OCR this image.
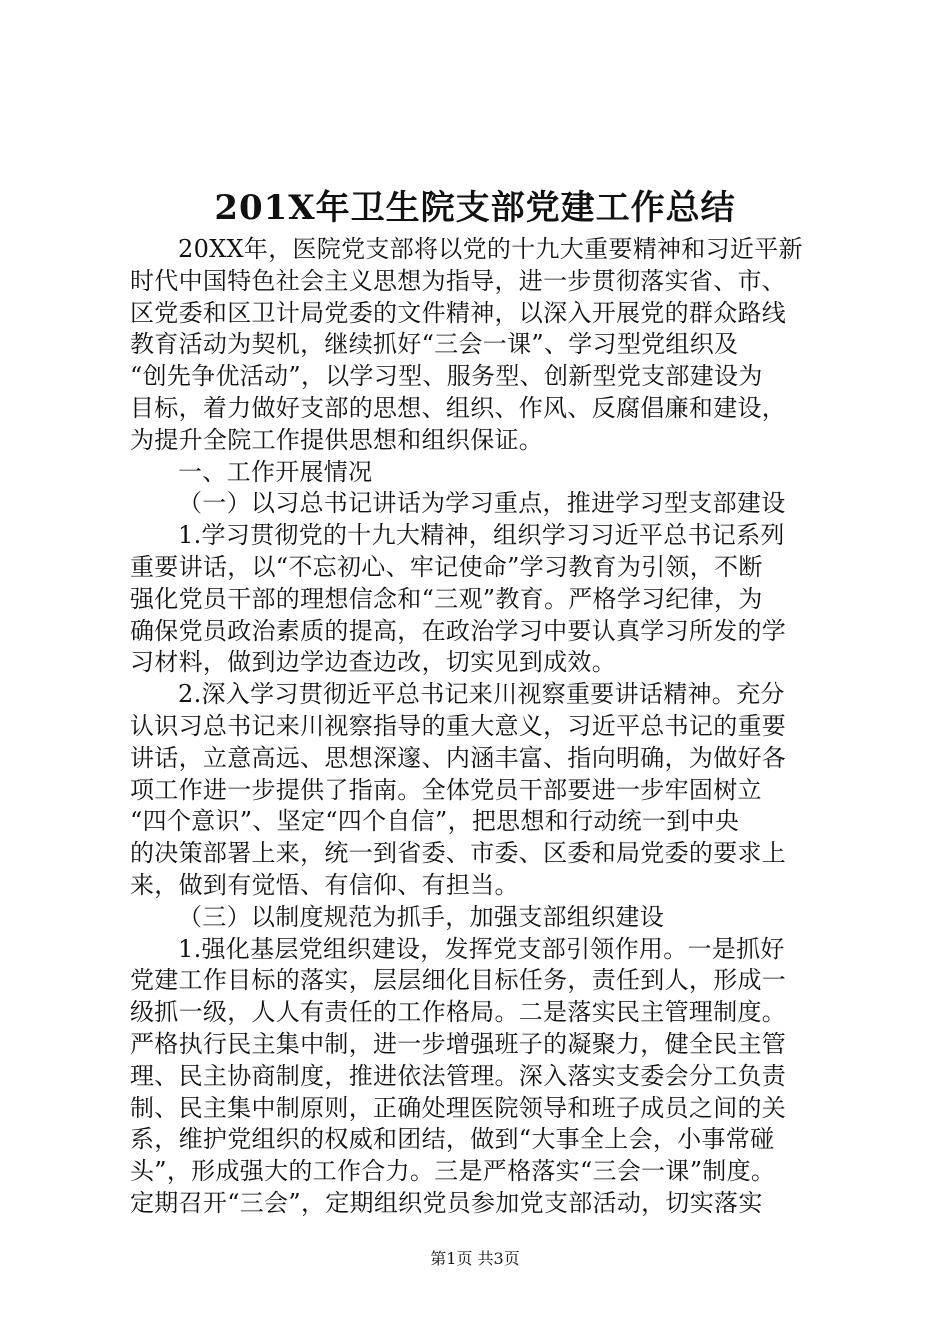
201X年卫生院支部党建工作总结
20XX年，医院党支部将以党的十九大重要精神和习近平新
时代中国特色社会主义思想为指导，进一步贯彻落实省、市、
区党委和区卫计局党委的文件精神，以深入开展党的群众路线
教育活动为契机，继续抓好“三会一课”、学习型党组织及
“创先争优活动”，以学习型、服务型、创新型党支部建设为
目标，着力做好支部的思想、组织、作风、反腐倡廉和建设，
为提升全院工作提供思想和组织保证。
一、工作开展情况
（一）以习总书记讲话为学习重点，推进学习型支部建设
1.学习贯彻党的十九大精神，组织学习习近平总书记系列
重要讲话，以“不忘初心、牢记使命”学习教育为引领，不断
强化党员干部的理想信念和“三观”教育。严格学习纪律，为
确保党员政治素质的提高，在政治学习中要认真学习所发的学
习材料，做到边学边查边改，切实见到成效。
2.深入学习贯彻近平总书记来川视察重要讲话精神。充分
认识习总书记来川视察指导的重大意义，习近平总书记的重要
讲话，立意高远、思想深邃、内涵丰富、指向明确，为做好各
项工作进一步提供了指南。全体党员干部要进一步牢固树立
“四个意识”、坚定“四个自信”，把思想和行动统一到中央
的决策部署上来，统一到省委、市委、区委和局党委的要求上
来，做到有觉悟、有信仰、有担当。
（三）以制度规范为抓手，加强支部组织建设
1.强化基层党组织建设，发挥党支部引领作用。一是抓好
党建工作目标的落实，层层细化目标任务，责任到人，形成一
级抓一级，人人有责任的工作格局。二是落实民主管理制度。
严格执行民主集中制，进一步增强班子的凝聚力，健全民主管
理、民主协商制度，推进依法管理。深入落实支委会分工负责
制、民主集中制原则，正确处理医院领导和班子成员之间的关
系，维护党组织的权威和团结，做到“大事全上会，小事常碰
头”，形成强大的工作合力。三是严格落实“三会一课”制度。
定期召开“三会”，定期组织党员参加党支部活动，切实落实
第1页 共3页
